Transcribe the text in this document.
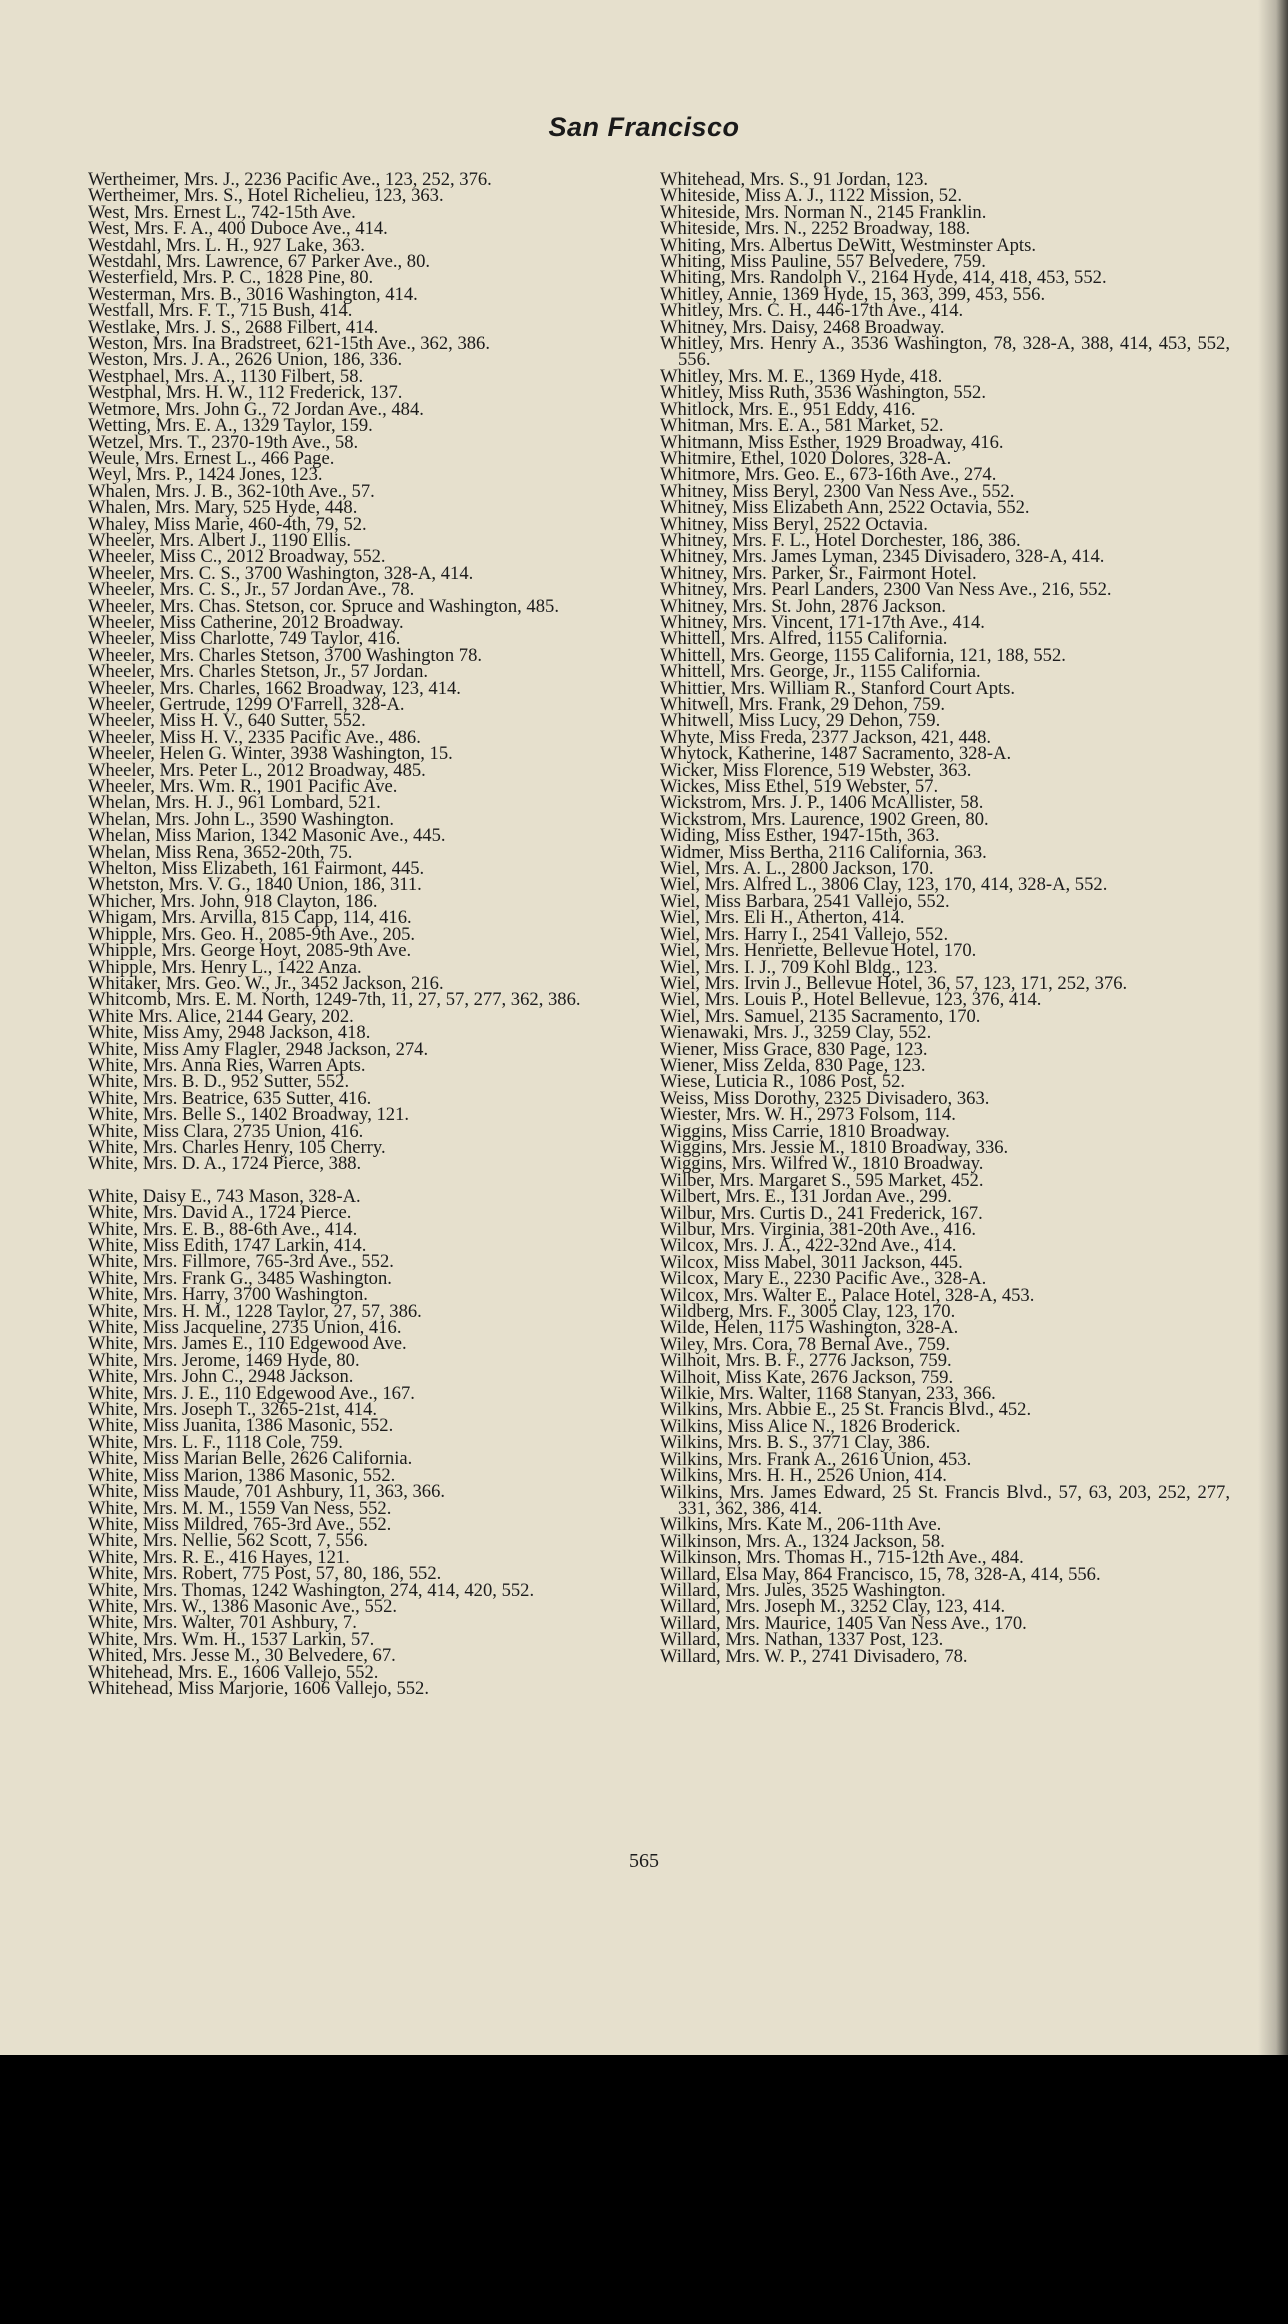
San Francisco
Wertheimer, Mrs. J., 2236 Pacific Ave., 123, 252, 376.
Wertheimer, Mrs. S., Hotel Richelieu, 123, 363.
West, Mrs. Ernest L., 742-15th Ave.
West, Mrs. F. A., 400 Duboce Ave., 414.
Westdahl, Mrs. L. H., 927 Lake, 363.
Westdahl, Mrs. Lawrence, 67 Parker Ave., 80.
Westerfield, Mrs. P. C., 1828 Pine, 80.
Westerman, Mrs. B., 3016 Washington, 414.
Westfall, Mrs. F. T., 715 Bush, 414.
Westlake, Mrs. J. S., 2688 Filbert, 414.
Weston, Mrs. Ina Bradstreet, 621-15th Ave., 362, 386.
Weston, Mrs. J. A., 2626 Union, 186, 336.
Westphael, Mrs. A., 1130 Filbert, 58.
Westphal, Mrs. H. W., 112 Frederick, 137.
Wetmore, Mrs. John G., 72 Jordan Ave., 484.
Wetting, Mrs. E. A., 1329 Taylor, 159.
Wetzel, Mrs. T., 2370-19th Ave., 58.
Weule, Mrs. Ernest L., 466 Page.
Weyl, Mrs. P., 1424 Jones, 123.
Whalen, Mrs. J. B., 362-10th Ave., 57.
Whalen, Mrs. Mary, 525 Hyde, 448.
Whaley, Miss Marie, 460-4th, 79, 52.
Wheeler, Mrs. Albert J., 1190 Ellis.
Wheeler, Miss C., 2012 Broadway, 552.
Wheeler, Mrs. C. S., 3700 Washington, 328-A, 414.
Wheeler, Mrs. C. S., Jr., 57 Jordan Ave., 78.
Wheeler, Mrs. Chas. Stetson, cor. Spruce and Washington, 485.
Wheeler, Miss Catherine, 2012 Broadway.
Wheeler, Miss Charlotte, 749 Taylor, 416.
Wheeler, Mrs. Charles Stetson, 3700 Washington 78.
Wheeler, Mrs. Charles Stetson, Jr., 57 Jordan.
Wheeler, Mrs. Charles, 1662 Broadway, 123, 414.
Wheeler, Gertrude, 1299 O'Farrell, 328-A.
Wheeler, Miss H. V., 640 Sutter, 552.
Wheeler, Miss H. V., 2335 Pacific Ave., 486.
Wheeler, Helen G. Winter, 3938 Washington, 15.
Wheeler, Mrs. Peter L., 2012 Broadway, 485.
Wheeler, Mrs. Wm. R., 1901 Pacific Ave.
Whelan, Mrs. H. J., 961 Lombard, 521.
Whelan, Mrs. John L., 3590 Washington.
Whelan, Miss Marion, 1342 Masonic Ave., 445.
Whelan, Miss Rena, 3652-20th, 75.
Whelton, Miss Elizabeth, 161 Fairmont, 445.
Whetston, Mrs. V. G., 1840 Union, 186, 311.
Whicher, Mrs. John, 918 Clayton, 186.
Whigam, Mrs. Arvilla, 815 Capp, 114, 416.
Whipple, Mrs. Geo. H., 2085-9th Ave., 205.
Whipple, Mrs. George Hoyt, 2085-9th Ave.
Whipple, Mrs. Henry L., 1422 Anza.
Whitaker, Mrs. Geo. W., Jr., 3452 Jackson, 216.
Whitcomb, Mrs. E. M. North, 1249-7th, 11, 27, 57, 277, 362, 386.
White Mrs. Alice, 2144 Geary, 202.
White, Miss Amy, 2948 Jackson, 418.
White, Miss Amy Flagler, 2948 Jackson, 274.
White, Mrs. Anna Ries, Warren Apts.
White, Mrs. B. D., 952 Sutter, 552.
White, Mrs. Beatrice, 635 Sutter, 416.
White, Mrs. Belle S., 1402 Broadway, 121.
White, Miss Clara, 2735 Union, 416.
White, Mrs. Charles Henry, 105 Cherry.
White, Mrs. D. A., 1724 Pierce, 388.
White, Daisy E., 743 Mason, 328-A.
White, Mrs. David A., 1724 Pierce.
White, Mrs. E. B., 88-6th Ave., 414.
White, Miss Edith, 1747 Larkin, 414.
White, Mrs. Fillmore, 765-3rd Ave., 552.
White, Mrs. Frank G., 3485 Washington.
White, Mrs. Harry, 3700 Washington.
White, Mrs. H. M., 1228 Taylor, 27, 57, 386.
White, Miss Jacqueline, 2735 Union, 416.
White, Mrs. James E., 110 Edgewood Ave.
White, Mrs. Jerome, 1469 Hyde, 80.
White, Mrs. John C., 2948 Jackson.
White, Mrs. J. E., 110 Edgewood Ave., 167.
White, Mrs. Joseph T., 3265-21st, 414.
White, Miss Juanita, 1386 Masonic, 552.
White, Mrs. L. F., 1118 Cole, 759.
White, Miss Marian Belle, 2626 California.
White, Miss Marion, 1386 Masonic, 552.
White, Miss Maude, 701 Ashbury, 11, 363, 366.
White, Mrs. M. M., 1559 Van Ness, 552.
White, Miss Mildred, 765-3rd Ave., 552.
White, Mrs. Nellie, 562 Scott, 7, 556.
White, Mrs. R. E., 416 Hayes, 121.
White, Mrs. Robert, 775 Post, 57, 80, 186, 552.
White, Mrs. Thomas, 1242 Washington, 274, 414, 420, 552.
White, Mrs. W., 1386 Masonic Ave., 552.
White, Mrs. Walter, 701 Ashbury, 7.
White, Mrs. Wm. H., 1537 Larkin, 57.
Whited, Mrs. Jesse M., 30 Belvedere, 67.
Whitehead, Mrs. E., 1606 Vallejo, 552.
Whitehead, Miss Marjorie, 1606 Vallejo, 552.
Whitehead, Mrs. S., 91 Jordan, 123.
Whiteside, Miss A. J., 1122 Mission, 52.
Whiteside, Mrs. Norman N., 2145 Franklin.
Whiteside, Mrs. N., 2252 Broadway, 188.
Whiting, Mrs. Albertus DeWitt, Westminster Apts.
Whiting, Miss Pauline, 557 Belvedere, 759.
Whiting, Mrs. Randolph V., 2164 Hyde, 414, 418, 453, 552.
Whitley, Annie, 1369 Hyde, 15, 363, 399, 453, 556.
Whitley, Mrs. C. H., 446-17th Ave., 414.
Whitney, Mrs. Daisy, 2468 Broadway.
Whitley, Mrs. Henry A., 3536 Washington, 78, 328-A, 388, 414, 453, 552, 556.
Whitley, Mrs. M. E., 1369 Hyde, 418.
Whitley, Miss Ruth, 3536 Washington, 552.
Whitlock, Mrs. E., 951 Eddy, 416.
Whitman, Mrs. E. A., 581 Market, 52.
Whitmann, Miss Esther, 1929 Broadway, 416.
Whitmire, Ethel, 1020 Dolores, 328-A.
Whitmore, Mrs. Geo. E., 673-16th Ave., 274.
Whitney, Miss Beryl, 2300 Van Ness Ave., 552.
Whitney, Miss Elizabeth Ann, 2522 Octavia, 552.
Whitney, Miss Beryl, 2522 Octavia.
Whitney, Mrs. F. L., Hotel Dorchester, 186, 386.
Whitney, Mrs. James Lyman, 2345 Divisadero, 328-A, 414.
Whitney, Mrs. Parker, Sr., Fairmont Hotel.
Whitney, Mrs. Pearl Landers, 2300 Van Ness Ave., 216, 552.
Whitney, Mrs. St. John, 2876 Jackson.
Whitney, Mrs. Vincent, 171-17th Ave., 414.
Whittell, Mrs. Alfred, 1155 California.
Whittell, Mrs. George, 1155 California, 121, 188, 552.
Whittell, Mrs. George, Jr., 1155 California.
Whittier, Mrs. William R., Stanford Court Apts.
Whitwell, Mrs. Frank, 29 Dehon, 759.
Whitwell, Miss Lucy, 29 Dehon, 759.
Whyte, Miss Freda, 2377 Jackson, 421, 448.
Whytock, Katherine, 1487 Sacramento, 328-A.
Wicker, Miss Florence, 519 Webster, 363.
Wickes, Miss Ethel, 519 Webster, 57.
Wickstrom, Mrs. J. P., 1406 McAllister, 58.
Wickstrom, Mrs. Laurence, 1902 Green, 80.
Widing, Miss Esther, 1947-15th, 363.
Widmer, Miss Bertha, 2116 California, 363.
Wiel, Mrs. A. L., 2800 Jackson, 170.
Wiel, Mrs. Alfred L., 3806 Clay, 123, 170, 414, 328-A, 552.
Wiel, Miss Barbara, 2541 Vallejo, 552.
Wiel, Mrs. Eli H., Atherton, 414.
Wiel, Mrs. Harry I., 2541 Vallejo, 552.
Wiel, Mrs. Henriette, Bellevue Hotel, 170.
Wiel, Mrs. I. J., 709 Kohl Bldg., 123.
Wiel, Mrs. Irvin J., Bellevue Hotel, 36, 57, 123, 171, 252, 376.
Wiel, Mrs. Louis P., Hotel Bellevue, 123, 376, 414.
Wiel, Mrs. Samuel, 2135 Sacramento, 170.
Wienawaki, Mrs. J., 3259 Clay, 552.
Wiener, Miss Grace, 830 Page, 123.
Wiener, Miss Zelda, 830 Page, 123.
Wiese, Luticia R., 1086 Post, 52.
Weiss, Miss Dorothy, 2325 Divisadero, 363.
Wiester, Mrs. W. H., 2973 Folsom, 114.
Wiggins, Miss Carrie, 1810 Broadway.
Wiggins, Mrs. Jessie M., 1810 Broadway, 336.
Wiggins, Mrs. Wilfred W., 1810 Broadway.
Wilber, Mrs. Margaret S., 595 Market, 452.
Wilbert, Mrs. E., 131 Jordan Ave., 299.
Wilbur, Mrs. Curtis D., 241 Frederick, 167.
Wilbur, Mrs. Virginia, 381-20th Ave., 416.
Wilcox, Mrs. J. A., 422-32nd Ave., 414.
Wilcox, Miss Mabel, 3011 Jackson, 445.
Wilcox, Mary E., 2230 Pacific Ave., 328-A.
Wilcox, Mrs. Walter E., Palace Hotel, 328-A, 453.
Wildberg, Mrs. F., 3005 Clay, 123, 170.
Wilde, Helen, 1175 Washington, 328-A.
Wiley, Mrs. Cora, 78 Bernal Ave., 759.
Wilhoit, Mrs. B. F., 2776 Jackson, 759.
Wilhoit, Miss Kate, 2676 Jackson, 759.
Wilkie, Mrs. Walter, 1168 Stanyan, 233, 366.
Wilkins, Mrs. Abbie E., 25 St. Francis Blvd., 452.
Wilkins, Miss Alice N., 1826 Broderick.
Wilkins, Mrs. B. S., 3771 Clay, 386.
Wilkins, Mrs. Frank A., 2616 Union, 453.
Wilkins, Mrs. H. H., 2526 Union, 414.
Wilkins, Mrs. James Edward, 25 St. Francis Blvd., 57, 63, 203, 252, 277, 331, 362, 386, 414.
Wilkins, Mrs. Kate M., 206-11th Ave.
Wilkinson, Mrs. A., 1324 Jackson, 58.
Wilkinson, Mrs. Thomas H., 715-12th Ave., 484.
Willard, Elsa May, 864 Francisco, 15, 78, 328-A, 414, 556.
Willard, Mrs. Jules, 3525 Washington.
Willard, Mrs. Joseph M., 3252 Clay, 123, 414.
Willard, Mrs. Maurice, 1405 Van Ness Ave., 170.
Willard, Mrs. Nathan, 1337 Post, 123.
Willard, Mrs. W. P., 2741 Divisadero, 78.
565
